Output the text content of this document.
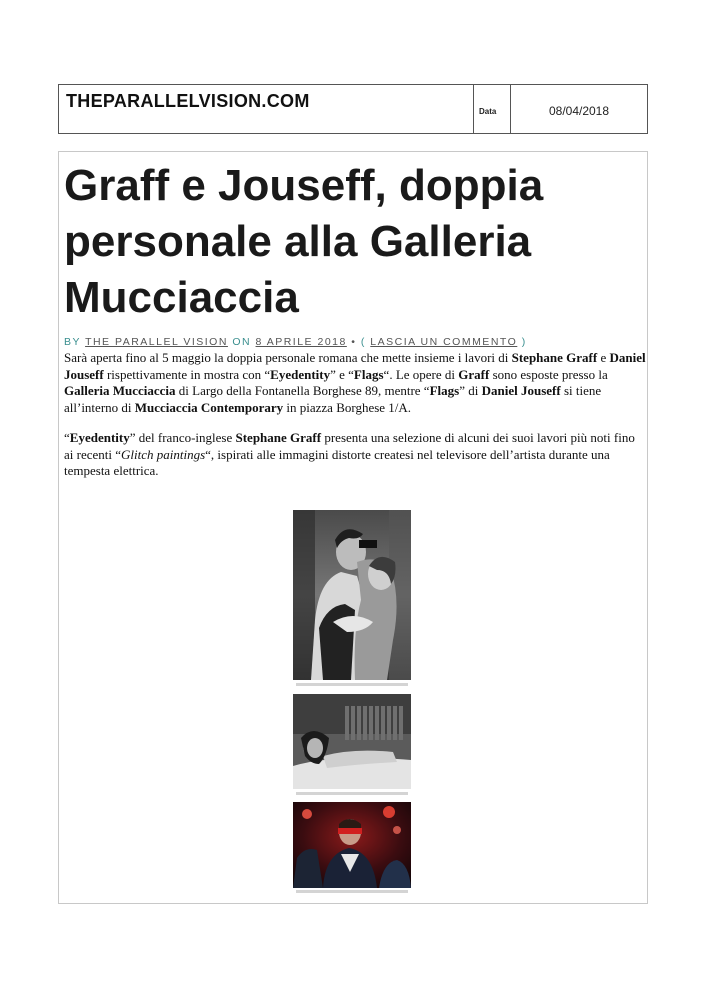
THEPARALLELVISION.COM
Data	08/04/2018
Graff e Jouseff, doppia personale alla Galleria Mucciaccia
BY THE PARALLEL VISION ON 8 APRILE 2018 • ( LASCIA UN COMMENTO )

Sarà aperta fino al 5 maggio la doppia personale romana che mette insieme i lavori di Stephane Graff e Daniel Jouseff rispettivamente in mostra con “Eyedentity” e “Flags“. Le opere di Graff sono esposte presso la Galleria Mucciaccia di Largo della Fontanella Borghese 89, mentre “Flags” di Daniel Jouseff si tiene all’interno di Mucciaccia Contemporary in piazza Borghese 1/A.

“Eyedentity” del franco-inglese Stephane Graff presenta una selezione di alcuni dei suoi lavori più noti fino ai recenti “Glitch paintings“, ispirati alle immagini distorte createsi nel televisore dell’artista durante una tempesta elettrica.
